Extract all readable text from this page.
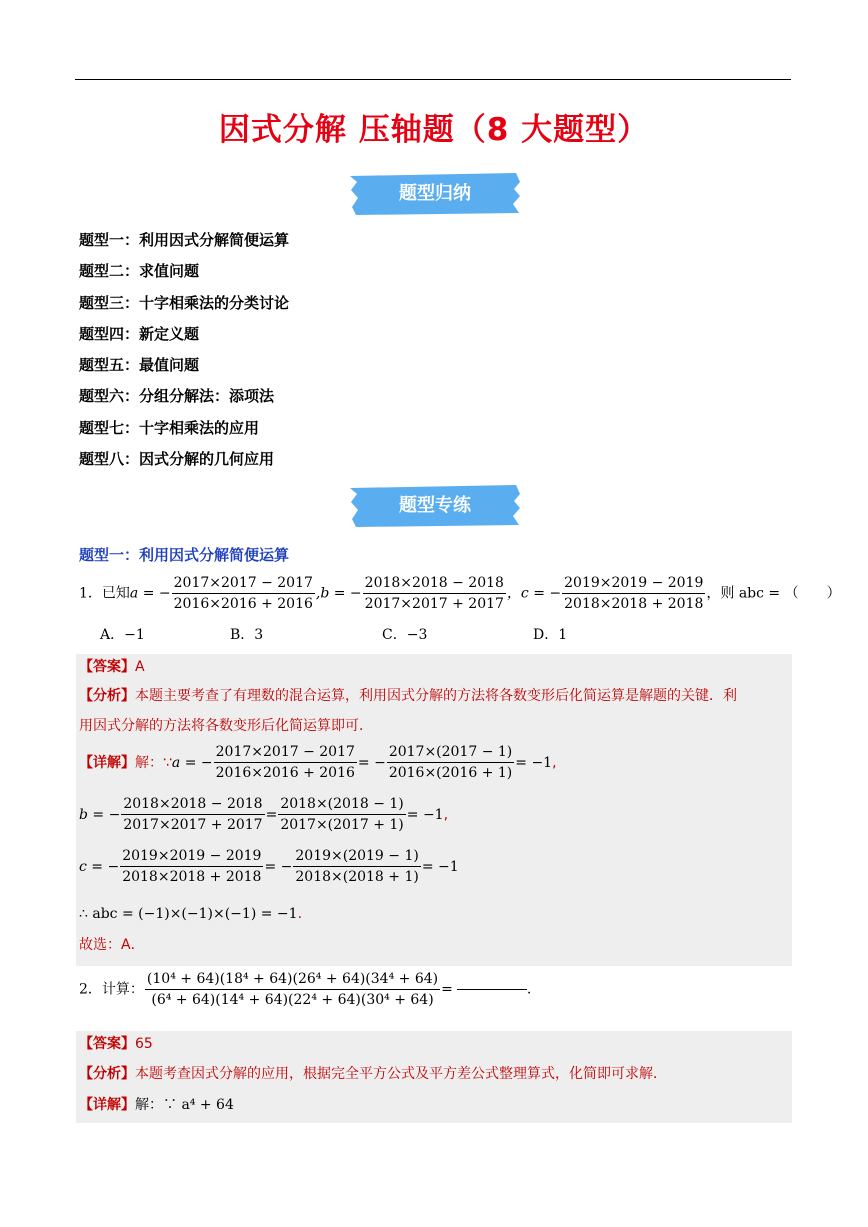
因式分解 压轴题（8 大题型）
题型归纳
题型一：利用因式分解简便运算
题型二：求值问题
题型三：十字相乘法的分类讨论
题型四：新定义题
题型五：最值问题
题型六：分组分解法：添项法
题型七：十字相乘法的应用
题型八：因式分解的几何应用
题型专练
题型一：利用因式分解简便运算
1．已知a = − $\frac{2017\times 2017 - 2017}{2016\times 2016 + 2016} ,b$ = − $\frac{2018\times 2018 - 2018}{2017\times 2017 + 2017}$ ，c = − $\frac{2019\times 2019 - 2019}{2018\times 2018 + 2018}$ ，则 abc = （　　）
A．−1	B．3	C．−3	D．1
【答案】A
【分析】本题主要考查了有理数的混合运算，利用因式分解的方法将各数变形后化简运算是解题的关键．利
用因式分解的方法将各数变形后化简运算即可．
【详解】解：∵a = − $\frac{2017\times 2017 - 2017}{2016\times 2016 + 2016}$ = − $\frac{2017\times(2017 - 1)}{2016\times(2016 + 1)} = -1$,
b = − $\frac{2018\times 2018 - 2018}{2017\times 2017 + 2017} = \frac{2018\times(2018 - 1)}{2017\times(2017 + 1)} = -1$,
c = − $\frac{2019\times 2019 - 2019}{2018\times 2018 + 2018}$ = − $\frac{2019\times(2019 - 1)}{2018\times(2018 + 1)} = -1$
∴ abc = (−1)×(−1)×(−1) = −1.
故选：A．
2．计算： $\frac{\text{(10⁴ + 64)(18⁴ + 64)(26⁴ + 64)(34⁴ + 64)}}{\text{(6⁴ + 64)(14⁴ + 64)(22⁴ + 64)(30⁴ + 64)}}$ =	.
【答案】65
【分析】本题考查因式分解的应用，根据完全平方公式及平方差公式整理算式，化简即可求解．
【详解】解：∵ a⁴ + 64
